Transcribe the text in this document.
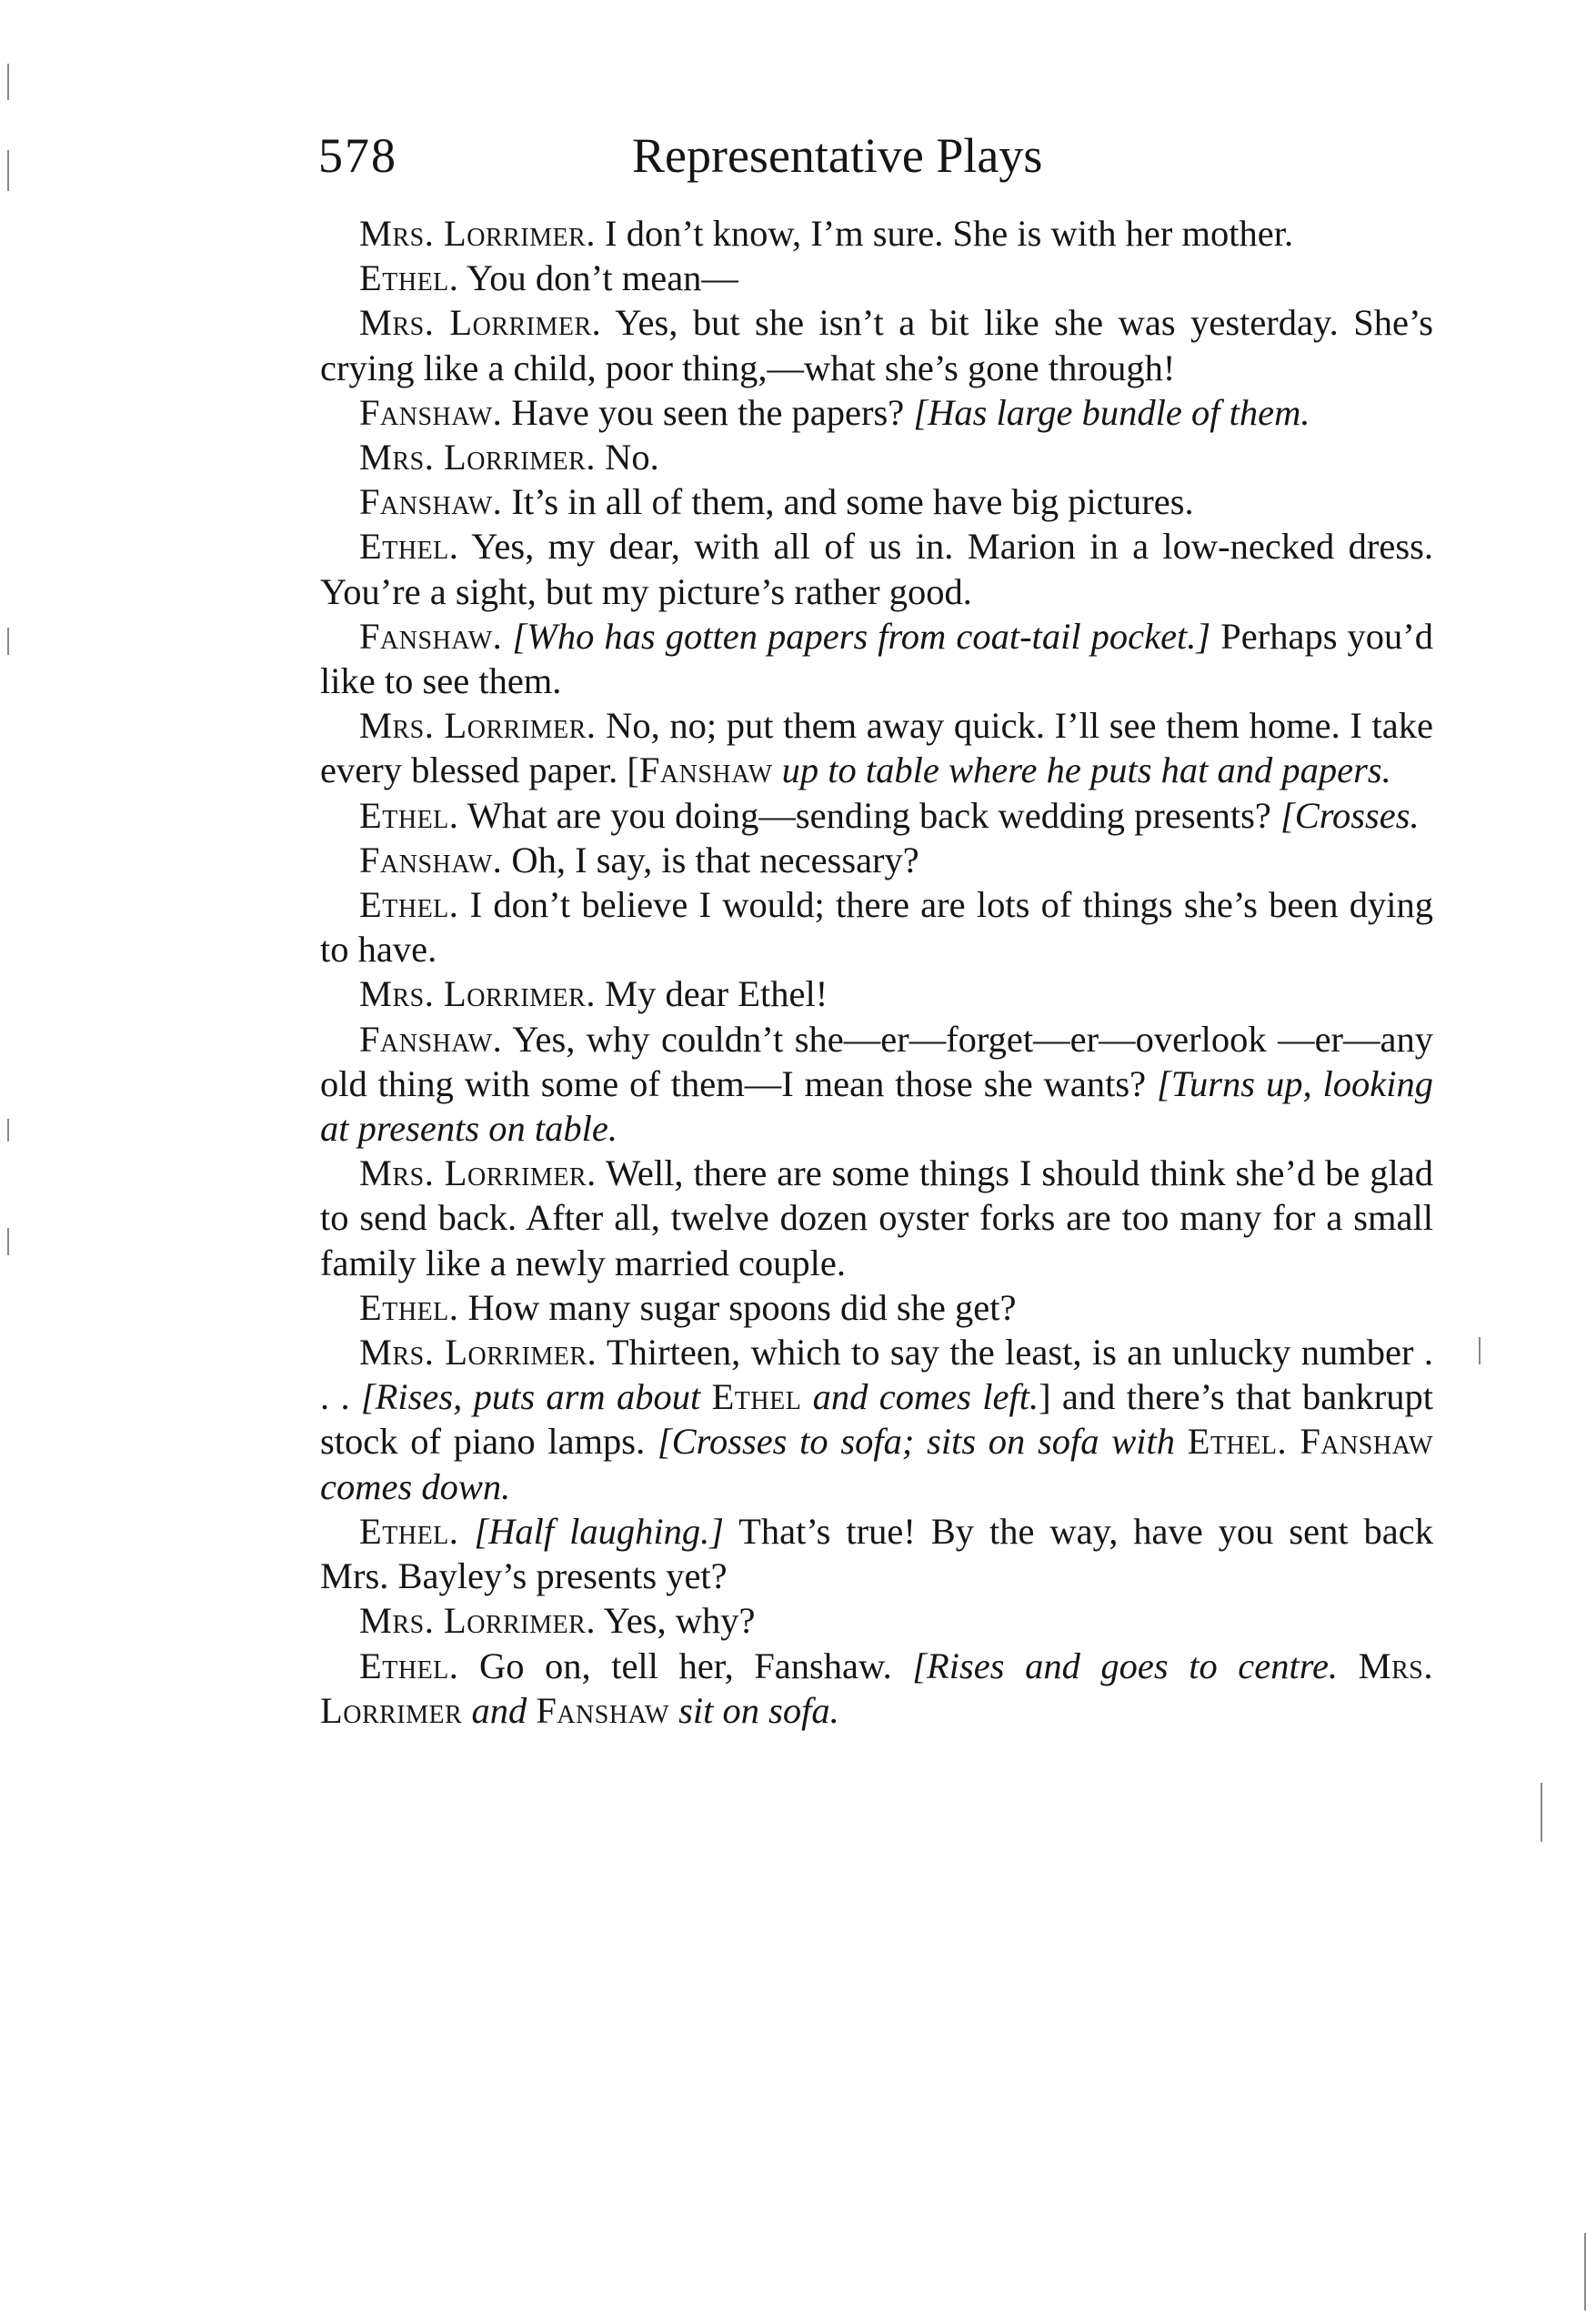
578	Representative Plays

Mrs. Lorrimer. I don’t know, I’m sure. She is with her mother.

Ethel. You don’t mean—

Mrs. Lorrimer. Yes, but she isn’t a bit like she was yesterday. She’s crying like a child, poor thing,—what she’s gone through!

Fanshaw. Have you seen the papers? [Has large bundle of them.

Mrs. Lorrimer. No.

Fanshaw. It’s in all of them, and some have big pictures.

Ethel. Yes, my dear, with all of us in. Marion in a low-necked dress. You’re a sight, but my picture’s rather good.

Fanshaw. [Who has gotten papers from coat-tail pocket.] Perhaps you’d like to see them.

Mrs. Lorrimer. No, no; put them away quick. I’ll see them home. I take every blessed paper. [Fanshaw up to table where he puts hat and papers.

Ethel. What are you doing—sending back wedding presents? [Crosses.

Fanshaw. Oh, I say, is that necessary?

Ethel. I don’t believe I would; there are lots of things she’s been dying to have.

Mrs. Lorrimer. My dear Ethel!

Fanshaw. Yes, why couldn’t she—er—forget—er—overlook —er—any old thing with some of them—I mean those she wants? [Turns up, looking at presents on table.

Mrs. Lorrimer. Well, there are some things I should think she’d be glad to send back. After all, twelve dozen oyster forks are too many for a small family like a newly married couple.

Ethel. How many sugar spoons did she get?

Mrs. Lorrimer. Thirteen, which to say the least, is an unlucky number . . . [Rises, puts arm about Ethel and comes left.] and there’s that bankrupt stock of piano lamps. [Crosses to sofa; sits on sofa with Ethel. Fanshaw comes down.

Ethel. [Half laughing.] That’s true! By the way, have you sent back Mrs. Bayley’s presents yet?

Mrs. Lorrimer. Yes, why?

Ethel. Go on, tell her, Fanshaw. [Rises and goes to centre. Mrs. Lorrimer and Fanshaw sit on sofa.
